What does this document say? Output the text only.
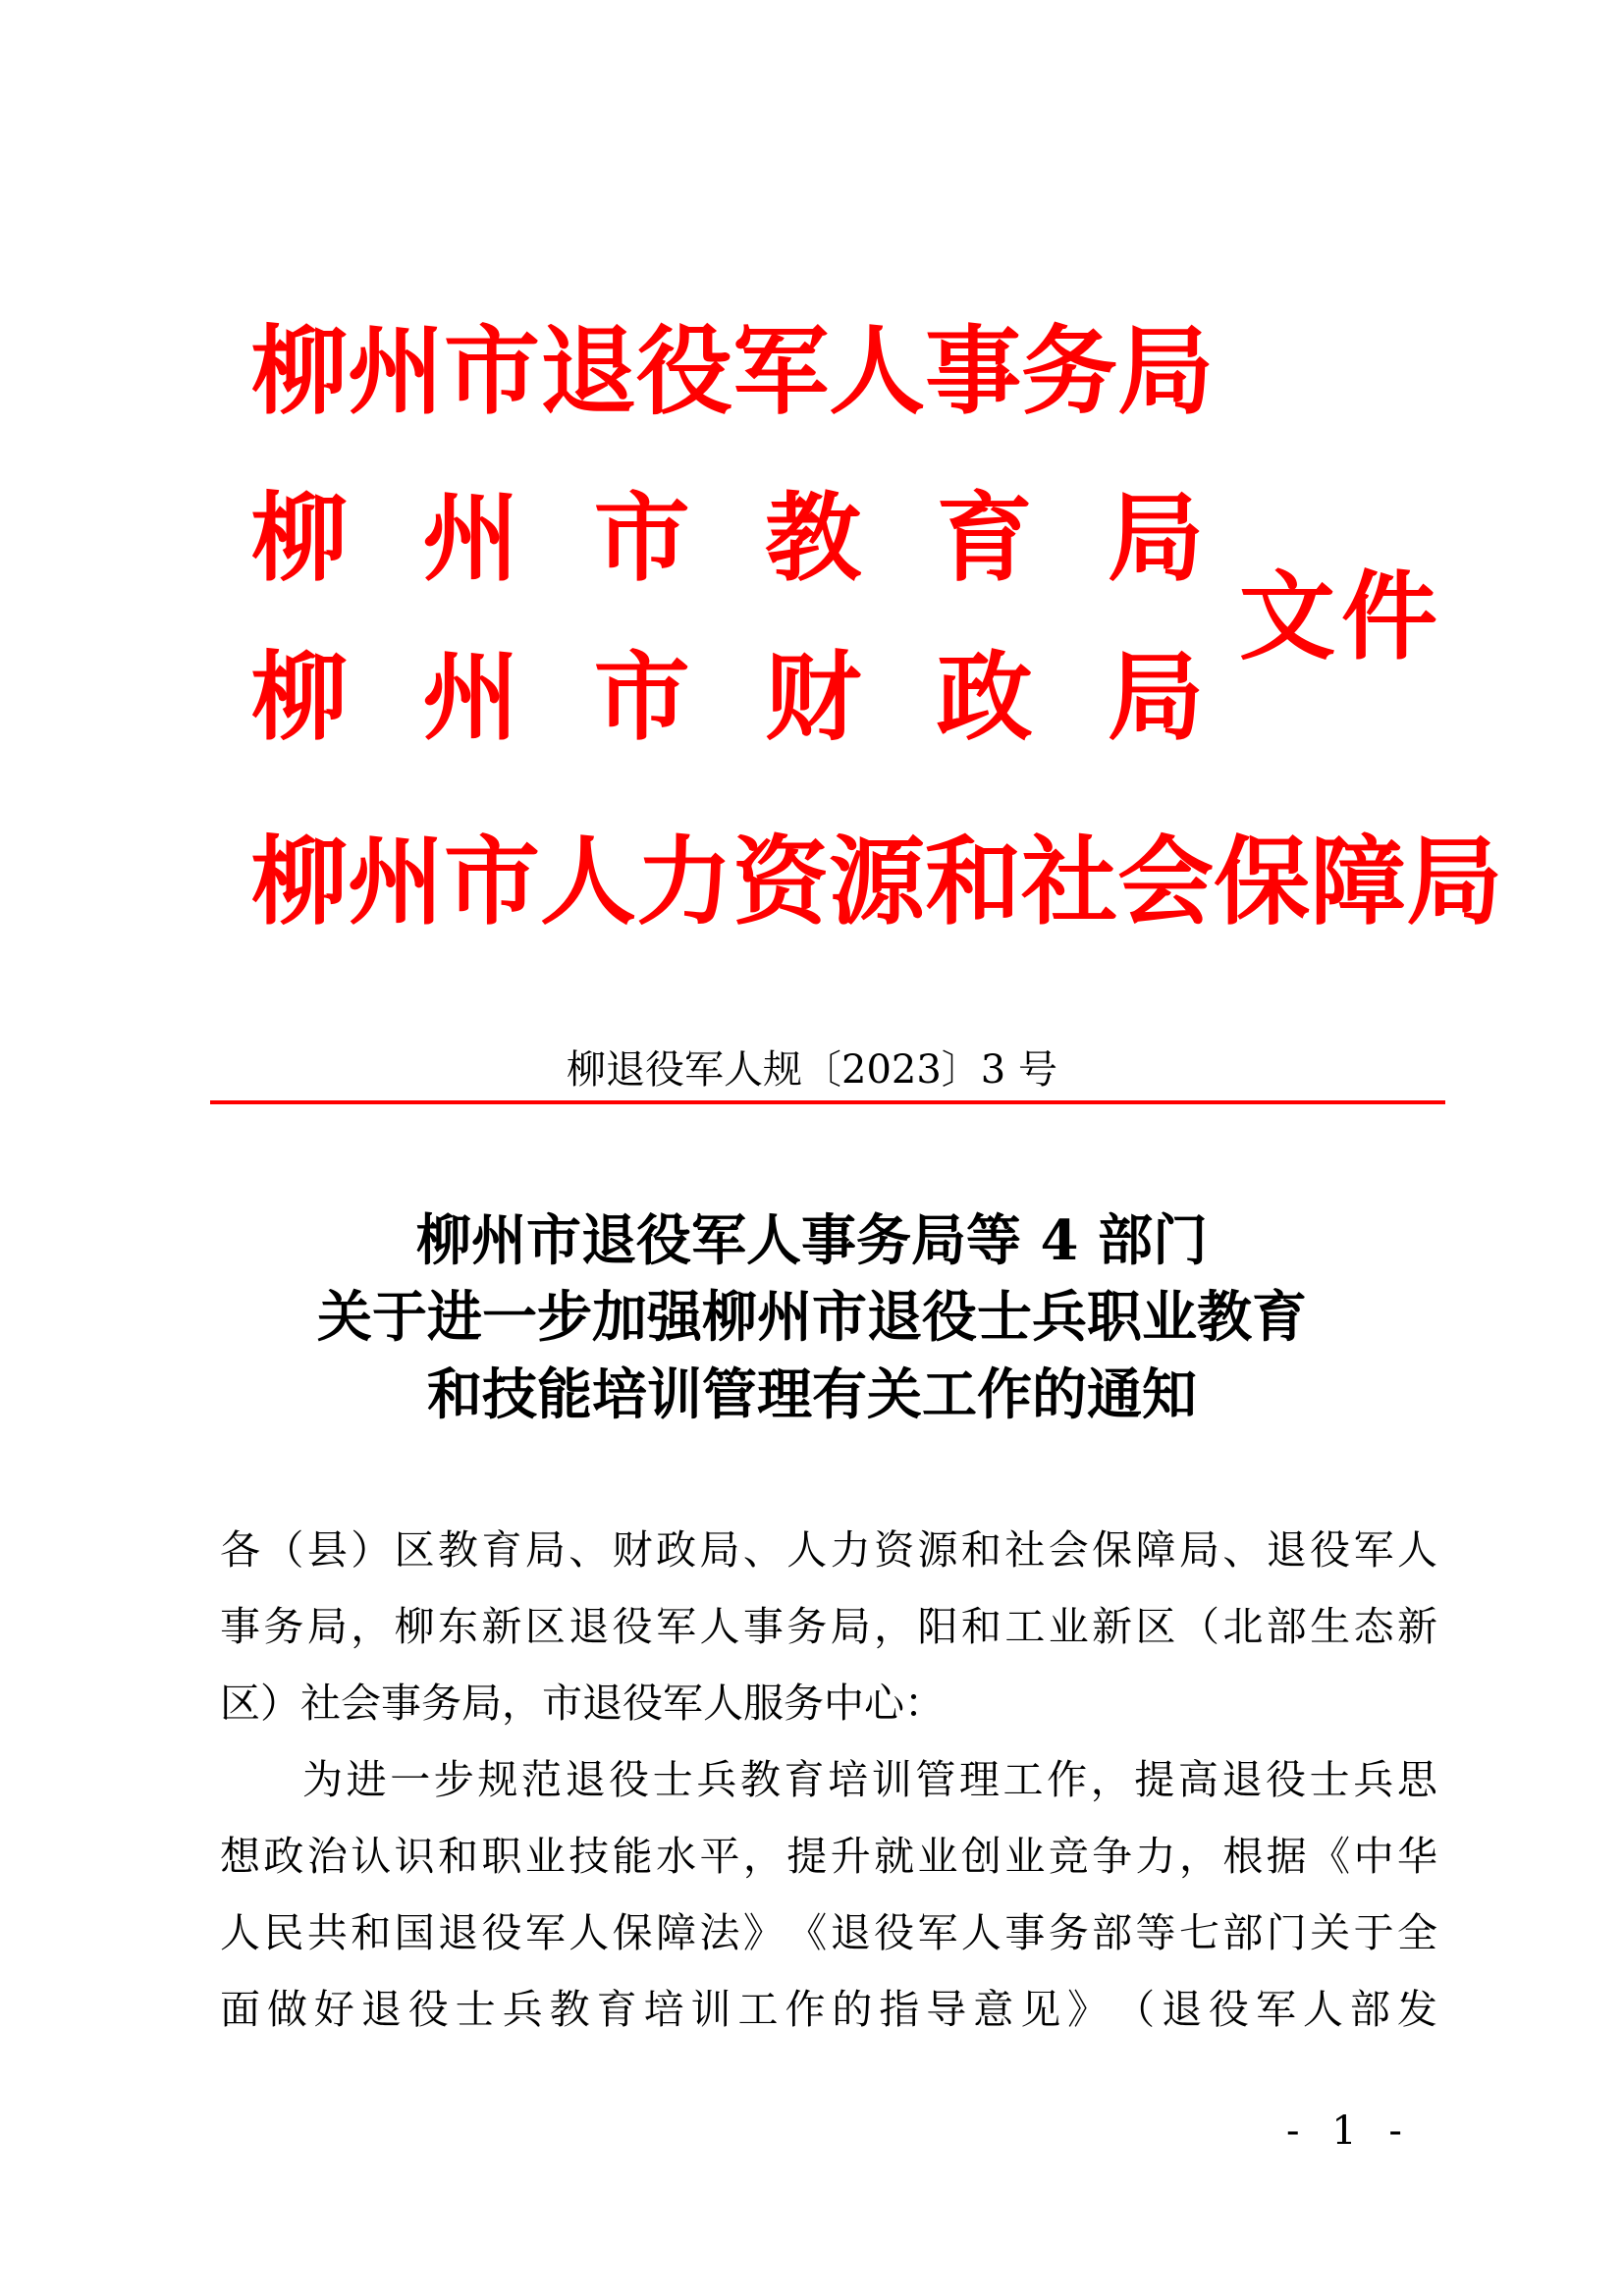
柳 州 市 退 役 军 人 事 务 局
柳 州 市 教 育 局
柳 州 市 财 政 局
柳 州 市 人 力 资 源 和 社 会 保 障 局
文件
柳退役军人规〔2023〕3 号
柳州市退役军人事务局等 4 部门
关于进一步加强柳州市退役士兵职业教育
和技能培训管理有关工作的通知
各 （ 县 ） 区 教 育 局 、 财 政 局 、 人 力 资 源 和 社 会 保 障 局 、 退 役 军 人
事 务 局 ， 柳 东 新 区 退 役 军 人 事 务 局 ， 阳 和 工 业 新 区 （ 北 部 生 态 新
区 ） 社 会 事 务 局 ， 市 退 役 军 人 服 务 中 心 ：
为 进 一 步 规 范 退 役 士 兵 教 育 培 训 管 理 工 作 ， 提 高 退 役 士 兵 思
想 政 治 认 识 和 职 业 技 能 水 平 ， 提 升 就 业 创 业 竞 争 力 ， 根 据 《 中 华
人 民 共 和 国 退 役 军 人 保 障 法 》 《 退 役 军 人 事 务 部 等 七 部 门 关 于 全
面 做 好 退 役 士 兵 教 育 培 训 工 作 的 指 导 意 见 》 （ 退 役 军 人 部 发
- 1 -
